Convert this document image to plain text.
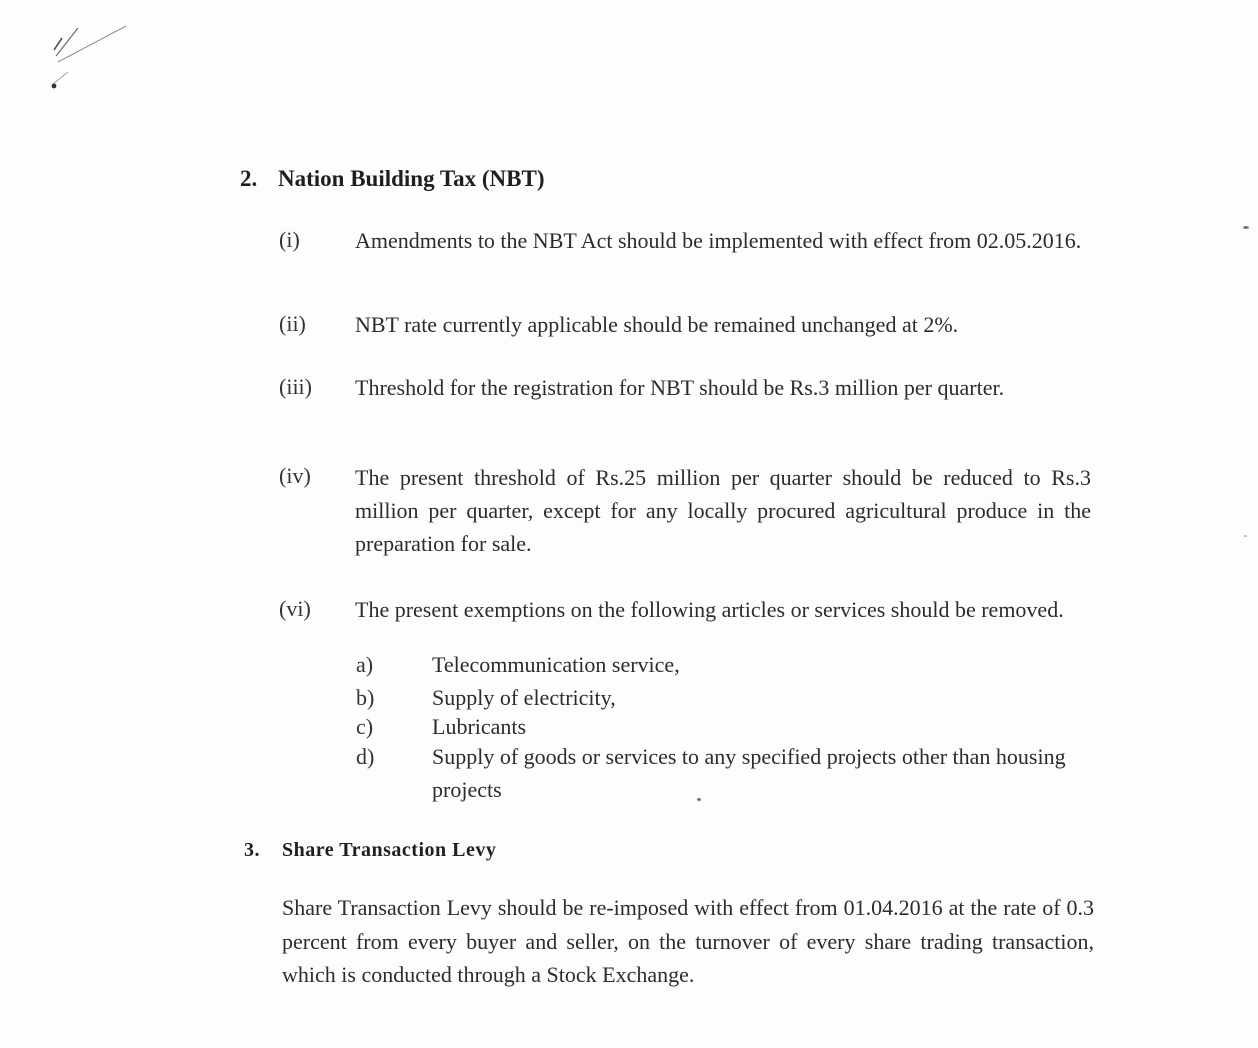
2. Nation Building Tax (NBT)
(i)	Amendments to the NBT Act should be implemented with effect from 02.05.2016.
(ii) NBT rate currently applicable should be remained unchanged at 2%.
(iii) Threshold for the registration for NBT should be Rs.3 million per quarter.
(iv) The present threshold of Rs.25 million per quarter should be reduced to Rs.3 million per quarter, except for any locally procured agricultural produce in the preparation for sale.
(vi) The present exemptions on the following articles or services should be removed.
a)	Telecommunication service,
b)	Supply of electricity,
c)	Lubricants
d)	Supply of goods or services to any specified projects other than housing projects
3. Share Transaction Levy
Share Transaction Levy should be re-imposed with effect from 01.04.2016 at the rate of 0.3 percent from every buyer and seller, on the turnover of every share trading transaction, which is conducted through a Stock Exchange.
